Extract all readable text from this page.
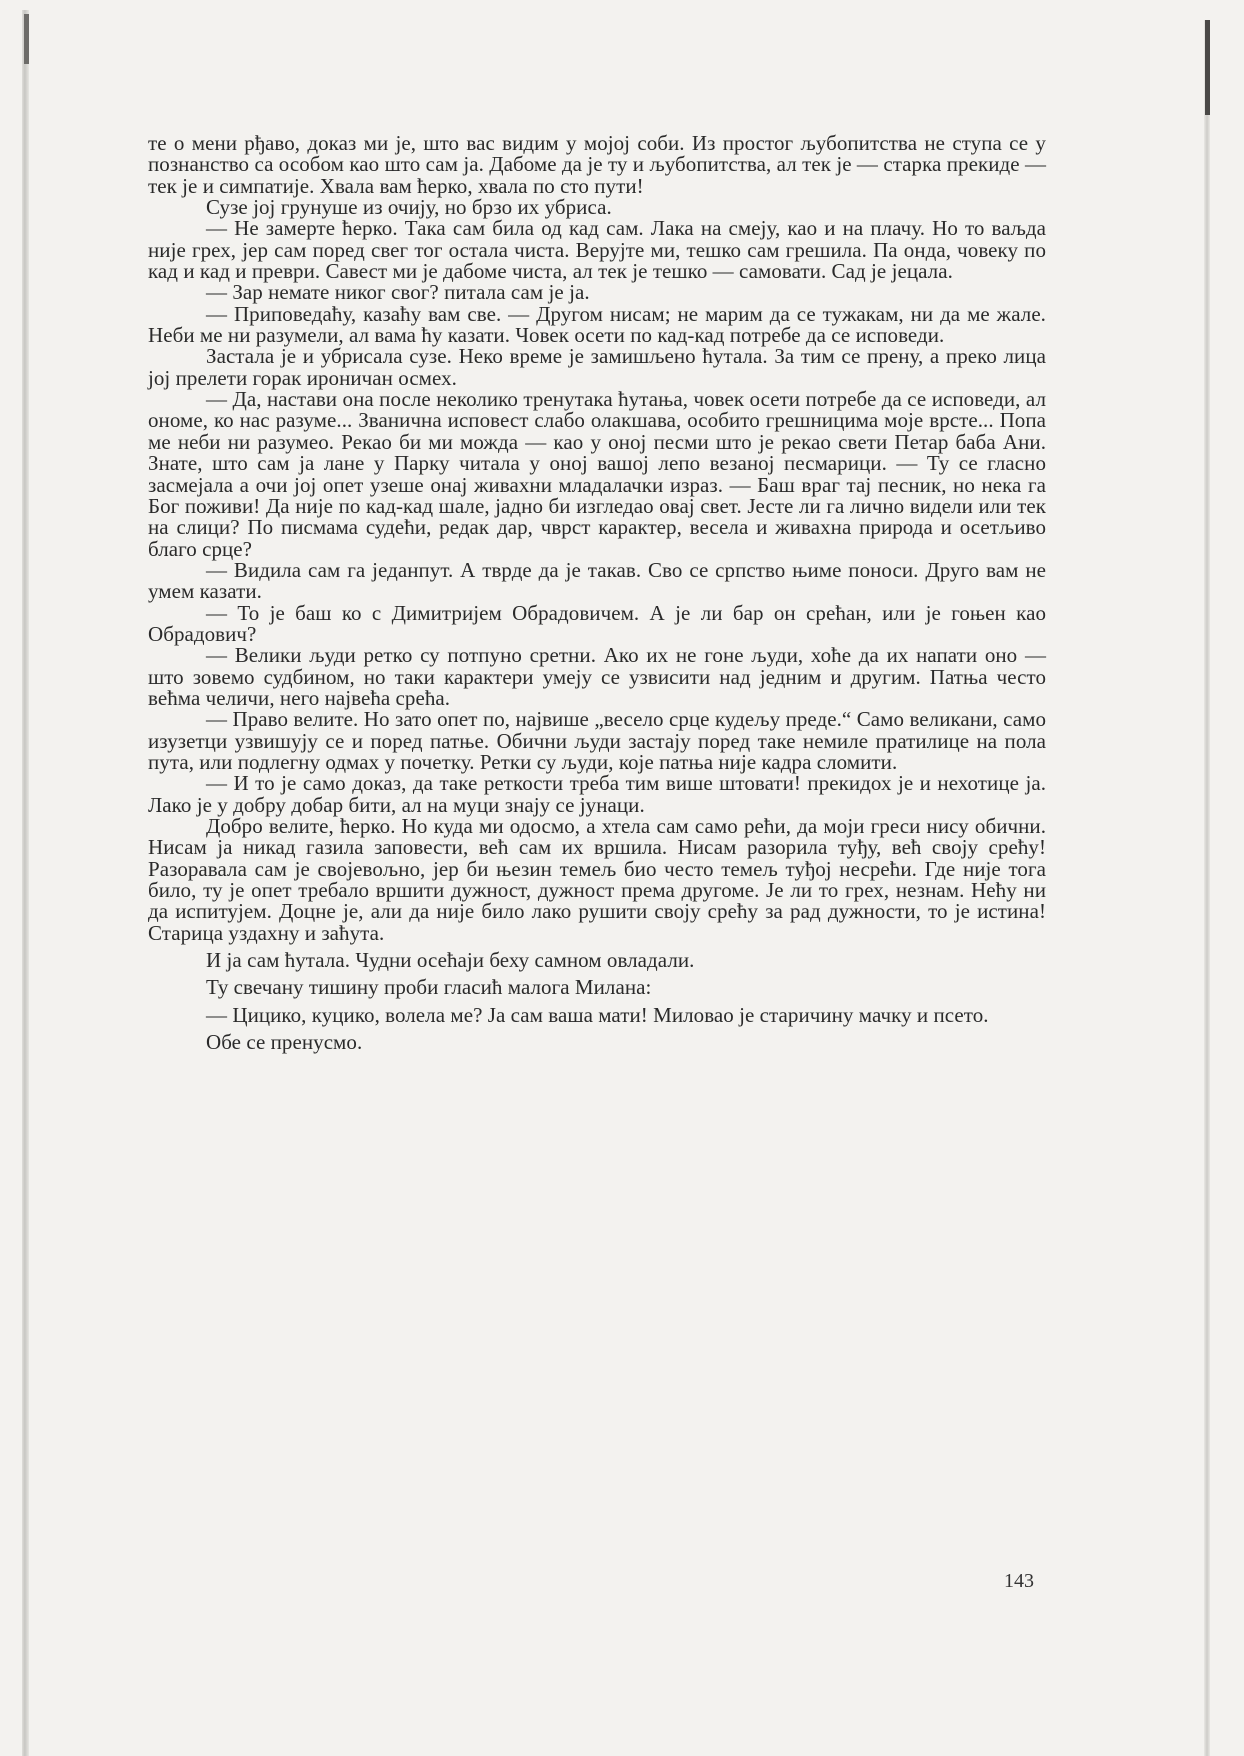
те о мени рђаво, доказ ми је, што вас видим у мојој соби. Из простог љубопитства не ступа се у познанство са особом као што сам ја. Дабоме да је ту и љубопитства, ал тек је — старка прекиде — тек је и симпатије. Хвала вам ћерко, хвала по сто пути!

Сузе јој грунуше из очију, но брзо их убриса.

— Не замерте ћерко. Така сам била од кад сам. Лака на смеју, као и на плачу. Но то ваљда није грех, јер сам поред свег тог остала чиста. Верујте ми, тешко сам грешила. Па онда, човеку по кад и кад и преври. Савест ми је дабоме чиста, ал тек је тешко — самовати. Сад је јецала.

— Зар немате никог свог? питала сам је ја.

— Приповедаћу, казаћу вам све. — Другом нисам; не марим да се тужакам, ни да ме жале. Неби ме ни разумели, ал вама ћу казати. Човек осети по кад-кад потребе да се исповеди.

Застала је и убрисала сузе. Неко време је замишљено ћутала. За тим се прену, а преко лица јој прелети горак ироничан осмех.

— Да, настави она после неколико тренутака ћутања, човек осети потребе да се исповеди, ал ономе, ко нас разуме... Званична исповест слабо олакшава, особито грешницима моје врсте... Попа ме неби ни разумео. Рекао би ми можда — као у оној песми што је рекао свети Петар баба Ани. Знате, што сам ја лане у Парку читала у оној вашој лепо везаној песмарици. — Ту се гласно засмејала а очи јој опет узеше онај живахни младалачки израз. — Баш враг тај песник, но нека га Бог поживи! Да није по кад-кад шале, јадно би изгледао овај свет. Јесте ли га лично видели или тек на слици? По писмама судећи, редак дар, чврст карактер, весела и живахна природа и осетљиво благо срце?

— Видила сам га једанпут. А тврде да је такав. Сво се српство њиме поноси. Друго вам не умем казати.

— То је баш ко с Димитријем Обрадовичем. А је ли бар он срећан, или је гоњен као Обрадович?

— Велики људи ретко су потпуно сретни. Ако их не гоне људи, хоће да их напати оно — што зовемо судбином, но таки карактери умеју се узвисити над једним и другим. Патња често већма челичи, него највећа срећа.

— Право велите. Но зато опет по, највише „весело срце кудељу преде.“ Само великани, само изузетци узвишују се и поред патње. Обични људи застају поред таке немиле пратилице на пола пута, или подлегну одмах у почетку. Ретки су људи, које патња није кадра сломити.

— И то је само доказ, да таке реткости треба тим више штовати! прекидох је и нехотице ја. Лако је у добру добар бити, ал на муци знају се јунаци.

Добро велите, ћерко. Но куда ми одосмо, а хтела сам само рећи, да моји греси нису обични. Нисам ја никад газила заповести, већ сам их вршила. Нисам разорила туђу, већ своју срећу! Разоравала сам је својевољно, јер би њезин темељ био често темељ туђој несрећи. Где није тога било, ту је опет требало вршити дужност, дужност према другоме. Је ли то грех, незнам. Нећу ни да испитујем. Доцне је, али да није било лако рушити своју срећу за рад дужности, то је истина! Старица уздахну и заћута.

И ја сам ћутала. Чудни осећаји беху самном овладали.

Ту свечану тишину проби гласић малога Милана:

— Цицико, куцико, волела ме? Ја сам ваша мати! Миловао је старичину мачку и псето.

Обе се пренусмо.

143
